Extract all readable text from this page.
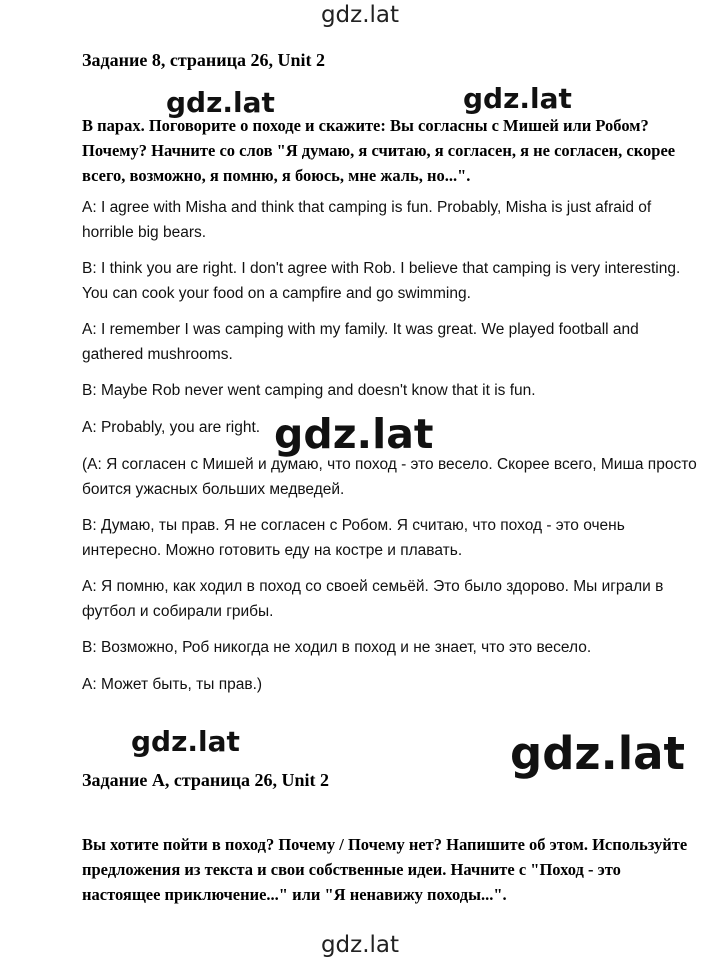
gdz.lat
Задание 8, страница 26, Unit 2

В парах. Поговорите о походе и скажите: Вы согласны с Мишей или Робом? Почему? Начните со слов "Я думаю, я считаю, я согласен, я не согласен, скорее всего, возможно, я помню, я боюсь, мне жаль, но...".

A: I agree with Misha and think that camping is fun. Probably, Misha is just afraid of horrible big bears.

B: I think you are right. I don't agree with Rob. I believe that camping is very interesting. You can cook your food on a campfire and go swimming.

A: I remember I was camping with my family. It was great. We played football and gathered mushrooms.

B: Maybe Rob never went camping and doesn't know that it is fun.

A: Probably, you are right.

(А: Я согласен с Мишей и думаю, что поход - это весело. Скорее всего, Миша просто боится ужасных больших медведей.

В: Думаю, ты прав. Я не согласен с Робом. Я считаю, что поход - это очень интересно. Можно готовить еду на костре и плавать.

А: Я помню, как ходил в поход со своей семьёй. Это было здорово. Мы играли в футбол и собирали грибы.

В: Возможно, Роб никогда не ходил в поход и не знает, что это весело.

А: Может быть, ты прав.)

Задание А, страница 26, Unit 2

Вы хотите пойти в поход? Почему / Почему нет? Напишите об этом. Используйте предложения из текста и свои собственные идеи. Начните с "Поход - это настоящее приключение..." или "Я ненавижу походы...".

gdz.lat	gdz.lat
gdz.lat
gdz.lat	gdz.lat
gdz.lat
